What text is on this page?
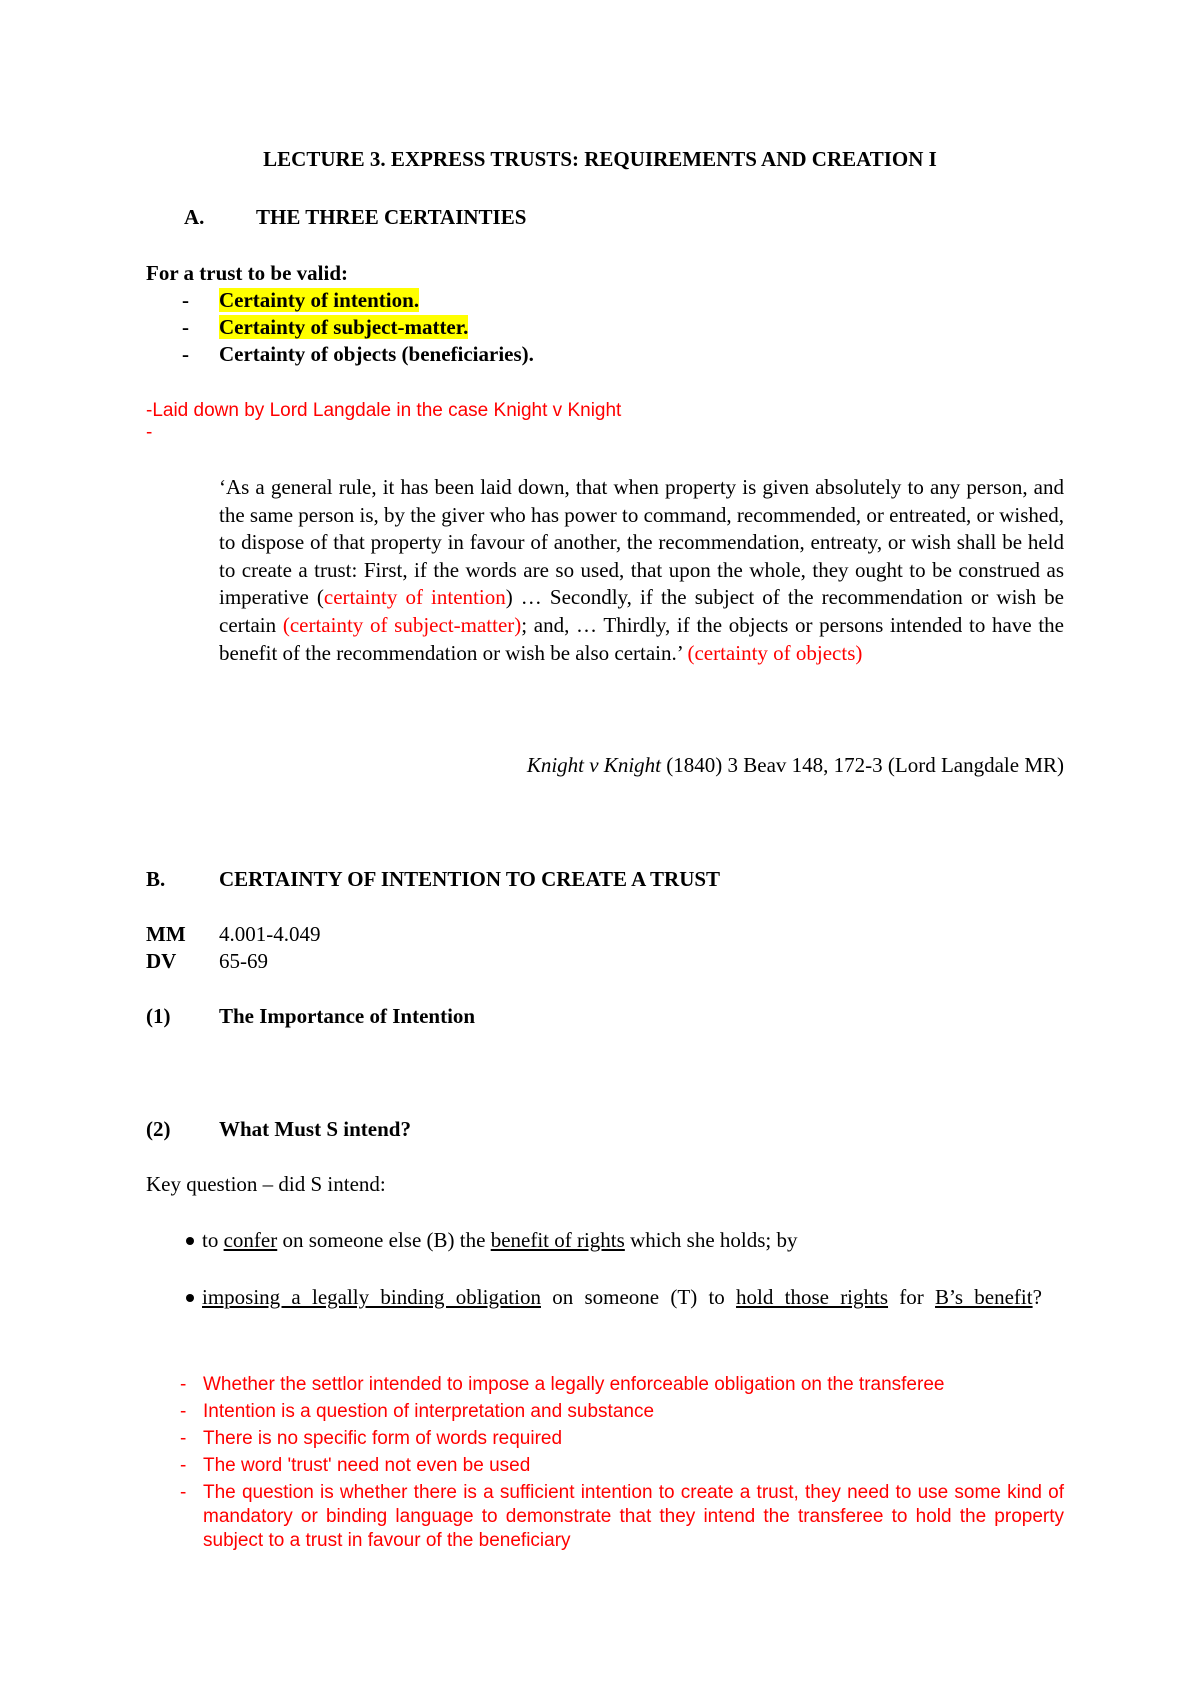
LECTURE 3. EXPRESS TRUSTS: REQUIREMENTS AND CREATION I
A. THE THREE CERTAINTIES
For a trust to be valid:
- Certainty of intention.
- Certainty of subject-matter.
- Certainty of objects (beneficiaries).
-Laid down by Lord Langdale in the case Knight v Knight
-
‘As a general rule, it has been laid down, that when property is given absolutely to any person, and the same person is, by the giver who has power to command, recommended, or entreated, or wished, to dispose of that property in favour of another, the recommendation, entreaty, or wish shall be held to create a trust: First, if the words are so used, that upon the whole, they ought to be construed as imperative (certainty of intention) … Secondly, if the subject of the recommendation or wish be certain (certainty of subject-matter); and, … Thirdly, if the objects or persons intended to have the benefit of the recommendation or wish be also certain.’ (certainty of objects)
Knight v Knight (1840) 3 Beav 148, 172-3 (Lord Langdale MR)
B.	CERTAINTY OF INTENTION TO CREATE A TRUST
MM 4.001-4.049
DV 65-69
(1) The Importance of Intention
(2) What Must S intend?
Key question – did S intend:
to confer on someone else (B) the benefit of rights which she holds; by
imposing a legally binding obligation on someone (T) to hold those rights for B’s benefit?
- Whether the settlor intended to impose a legally enforceable obligation on the transferee
- Intention is a question of interpretation and substance
- There is no specific form of words required
- The word 'trust' need not even be used
- The question is whether there is a sufficient intention to create a trust, they need to use some kind of mandatory or binding language to demonstrate that they intend the transferee to hold the property subject to a trust in favour of the beneficiary
